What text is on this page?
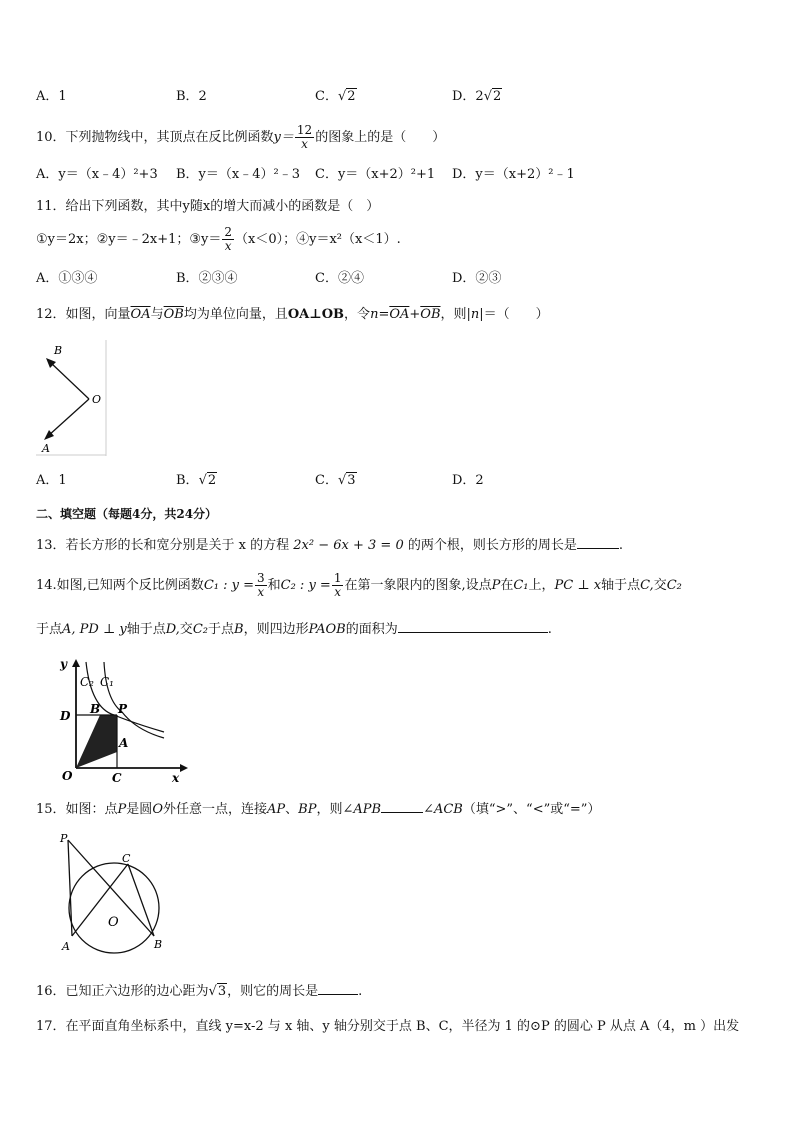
A．1	B．2	C．√2	D．2√2
10．下列抛物线中，其顶点在反比例函数$y= \frac{12}{x}$ 的图象上的是（　　）
A．y＝（x﹣4）²+3 B．y＝（x﹣4）²﹣3 C．y＝（x+2）²+1 D．y＝（x+2）²﹣1
11．给出下列函数，其中y随x的增大而减小的函数是（　）
①y＝2x；②y＝﹣2x+1；③y＝ $\frac{2}{x} (x<0)$；④y＝x²（x＜1）.
A．①③④	B．②③④	C．②④	D．②③
12．如图，向量$\overline{OA}$与$\overline{OB}$均为单位向量，且OA⊥OB，令$n=\overline{OA}+\overline{OB}$，则|n|＝（　　）
B
O
A
A．1	B．√2	C．√3	D．2
二、填空题（每题4分，共24分）
13．若长方形的长和宽分别是关于 x 的方程 2x² − 6x + 3 = 0 的两个根，则长方形的周长是	.
14.如图,已知两个反比例函数C₁ : $y = \frac{3}{x}$ 和C₂ : $y = \frac{1}{x}$ 在第一象限内的图象,设点P在C₁上，PC ⊥ x轴于点C,交C₂
于点A, PD ⊥ y轴于点D,交C₂于点B，则四边形PAOB的面积为	.
y
C₂ C₁
D B P
A
O	C	x
15．如图：点P是圆O外任意一点，连接AP、BP，则∠APB	∠ACB（填“>”、“<”或“=”）
P
C
O
A	B
16．已知正六边形的边心距为√3，则它的周长是	.
17．在平面直角坐标系中，直线 y=x-2 与 x 轴、y 轴分别交于点 B、C，半径为 1 的⊙P 的圆心 P 从点 A（4，m ）出发
